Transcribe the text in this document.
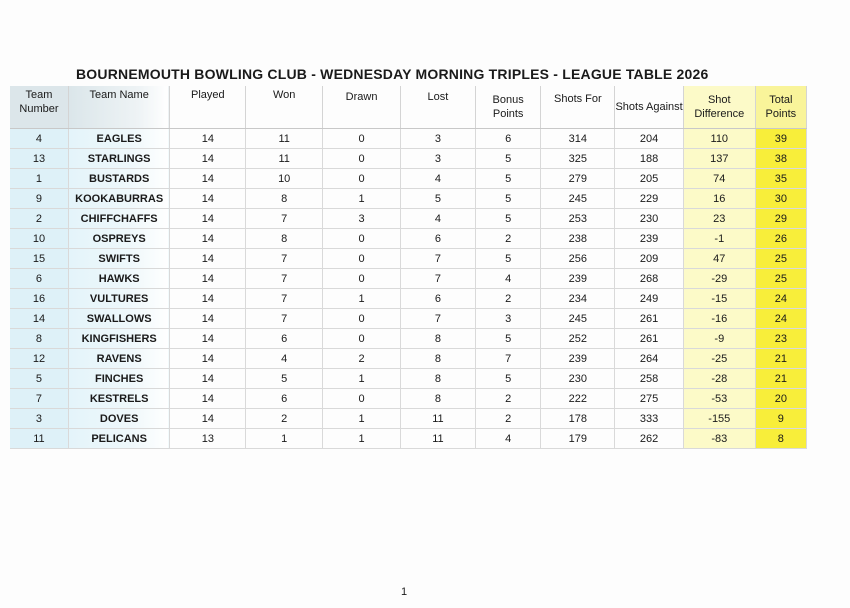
BOURNEMOUTH BOWLING CLUB - WEDNESDAY MORNING TRIPLES - LEAGUE TABLE 2026
Team Number	Team Name	Played	Won	Drawn	Lost	Bonus Points	Shots For	Shots Against	Shot Difference	Total Points
4	EAGLES	14	11	0	3	6	314	204	110	39
13	STARLINGS	14	11	0	3	5	325	188	137	38
1	BUSTARDS	14	10	0	4	5	279	205	74	35
9	KOOKABURRAS	14	8	1	5	5	245	229	16	30
2	CHIFFCHAFFS	14	7	3	4	5	253	230	23	29
10	OSPREYS	14	8	0	6	2	238	239	-1	26
15	SWIFTS	14	7	0	7	5	256	209	47	25
6	HAWKS	14	7	0	7	4	239	268	-29	25
16	VULTURES	14	7	1	6	2	234	249	-15	24
14	SWALLOWS	14	7	0	7	3	245	261	-16	24
8	KINGFISHERS	14	6	0	8	5	252	261	-9	23
12	RAVENS	14	4	2	8	7	239	264	-25	21
5	FINCHES	14	5	1	8	5	230	258	-28	21
7	KESTRELS	14	6	0	8	2	222	275	-53	20
3	DOVES	14	2	1	11	2	178	333	-155	9
11	PELICANS	13	1	1	11	4	179	262	-83	8
1
